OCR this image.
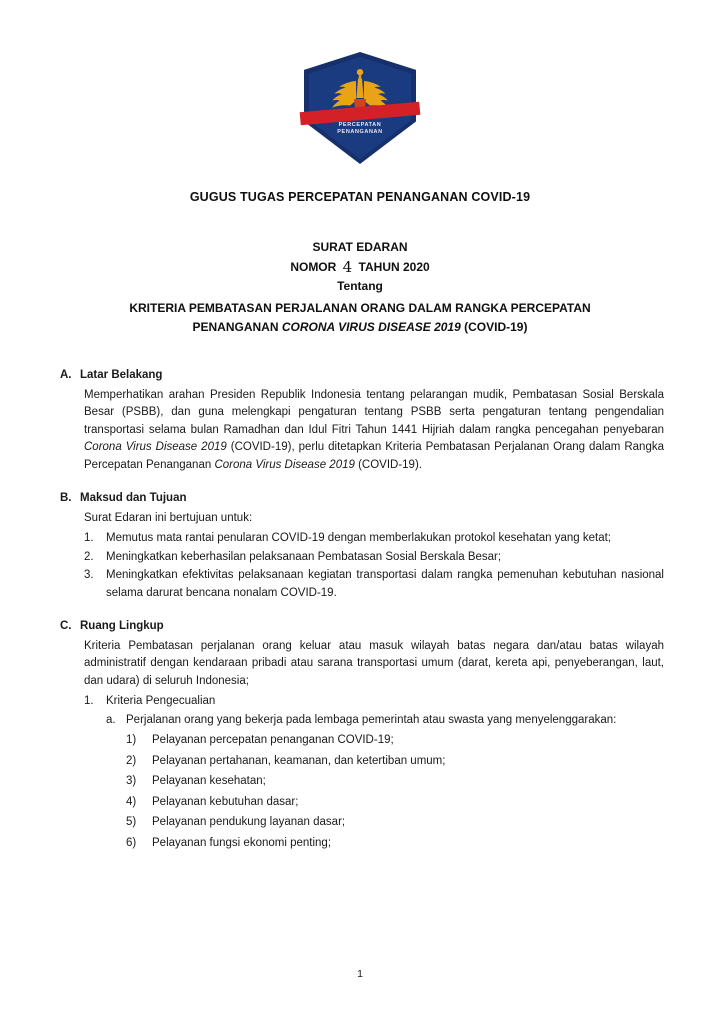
PERCEPATAN
PENANGANAN
GUGUS TUGAS PERCEPATAN PENANGANAN COVID-19
SURAT EDARAN
NOMOR 4 TAHUN 2020
Tentang
KRITERIA PEMBATASAN PERJALANAN ORANG DALAM RANGKA PERCEPATAN
PENANGANAN CORONA VIRUS DISEASE 2019 (COVID-19)
A. Latar Belakang

Memperhatikan arahan Presiden Republik Indonesia tentang pelarangan mudik, Pembatasan Sosial Berskala Besar (PSBB), dan guna melengkapi pengaturan tentang PSBB serta pengaturan tentang pengendalian transportasi selama bulan Ramadhan dan Idul Fitri Tahun 1441 Hijriah dalam rangka pencegahan penyebaran Corona Virus Disease 2019 (COVID-19), perlu ditetapkan Kriteria Pembatasan Perjalanan Orang dalam Rangka Percepatan Penanganan Corona Virus Disease 2019 (COVID-19).

B. Maksud dan Tujuan

Surat Edaran ini bertujuan untuk:

1.	Memutus mata rantai penularan COVID-19 dengan memberlakukan protokol kesehatan yang ketat;
2.	Meningkatkan keberhasilan pelaksanaan Pembatasan Sosial Berskala Besar;
3.	Meningkatkan efektivitas pelaksanaan kegiatan transportasi dalam rangka pemenuhan kebutuhan nasional selama darurat bencana nonalam COVID-19.
C. Ruang Lingkup

Kriteria Pembatasan perjalanan orang keluar atau masuk wilayah batas negara dan/atau batas wilayah administratif dengan kendaraan pribadi atau sarana transportasi umum (darat, kereta api, penyeberangan, laut, dan udara) di seluruh Indonesia;

1.	Kriteria Pengecualian
a. Perjalanan orang yang bekerja pada lembaga pemerintah atau swasta yang menyelenggarakan:
1)	Pelayanan percepatan penanganan COVID-19;
2)	Pelayanan pertahanan, keamanan, dan ketertiban umum;
3)	Pelayanan kesehatan;
4)	Pelayanan kebutuhan dasar;
5)	Pelayanan pendukung layanan dasar;
6)	Pelayanan fungsi ekonomi penting;
1
